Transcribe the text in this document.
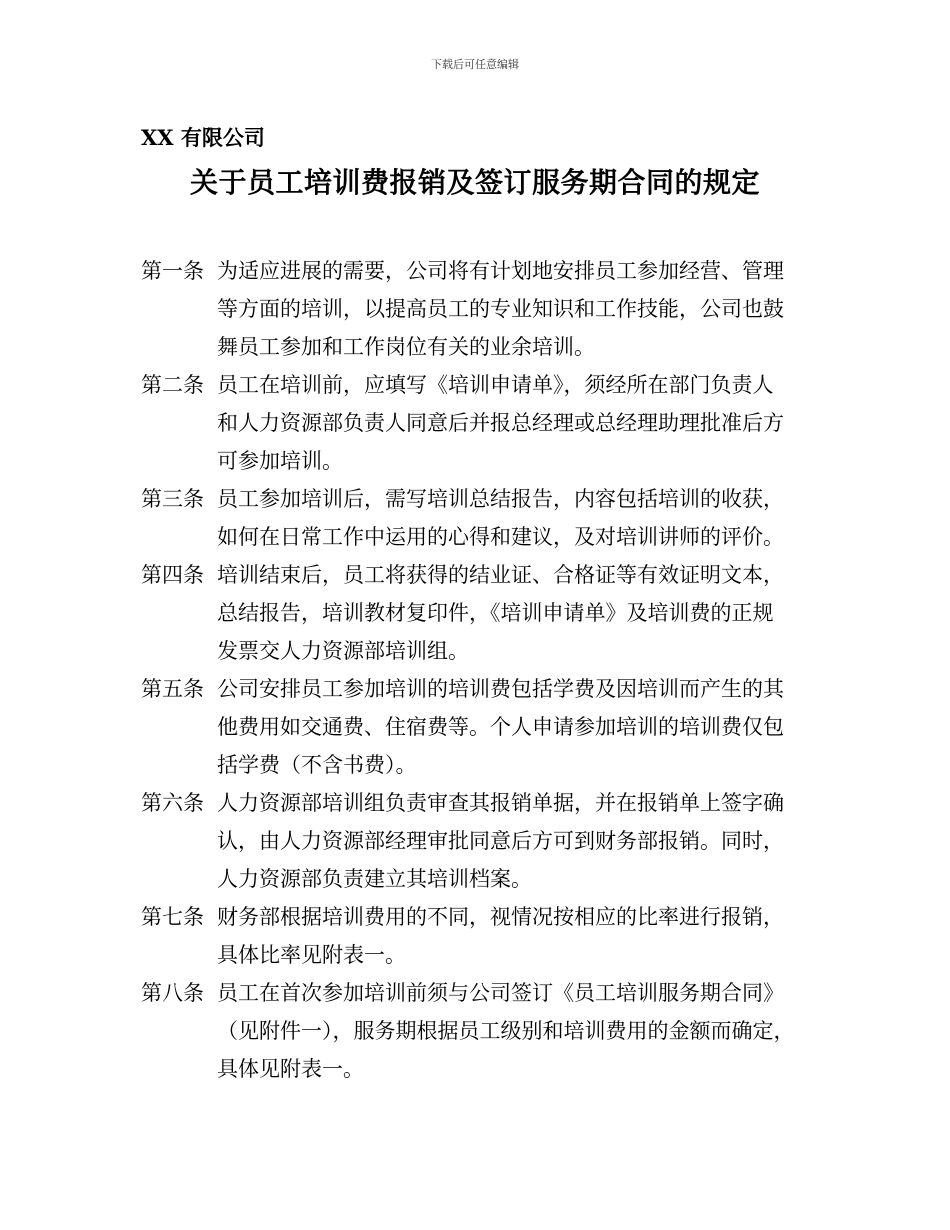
下载后可任意编辑
XX 有限公司
关于员工培训费报销及签订服务期合同的规定
第一条 为适应进展的需要，公司将有计划地安排员工参加经营、管理
等方面的培训，以提高员工的专业知识和工作技能，公司也鼓
舞员工参加和工作岗位有关的业余培训。
第二条 员工在培训前，应填写《培训申请单》，须经所在部门负责人
和人力资源部负责人同意后并报总经理或总经理助理批准后方
可参加培训。
第三条 员工参加培训后，需写培训总结报告，内容包括培训的收获，
如何在日常工作中运用的心得和建议，及对培训讲师的评价。
第四条 培训结束后，员工将获得的结业证、合格证等有效证明文本，
总结报告，培训教材复印件，《培训申请单》及培训费的正规
发票交人力资源部培训组。
第五条 公司安排员工参加培训的培训费包括学费及因培训而产生的其
他费用如交通费、住宿费等。个人申请参加培训的培训费仅包
括学费（不含书费）。
第六条 人力资源部培训组负责审查其报销单据，并在报销单上签字确
认，由人力资源部经理审批同意后方可到财务部报销。同时，
人力资源部负责建立其培训档案。
第七条 财务部根据培训费用的不同，视情况按相应的比率进行报销，
具体比率见附表一。
第八条 员工在首次参加培训前须与公司签订《员工培训服务期合同》
（见附件一），服务期根据员工级别和培训费用的金额而确定，
具体见附表一。
